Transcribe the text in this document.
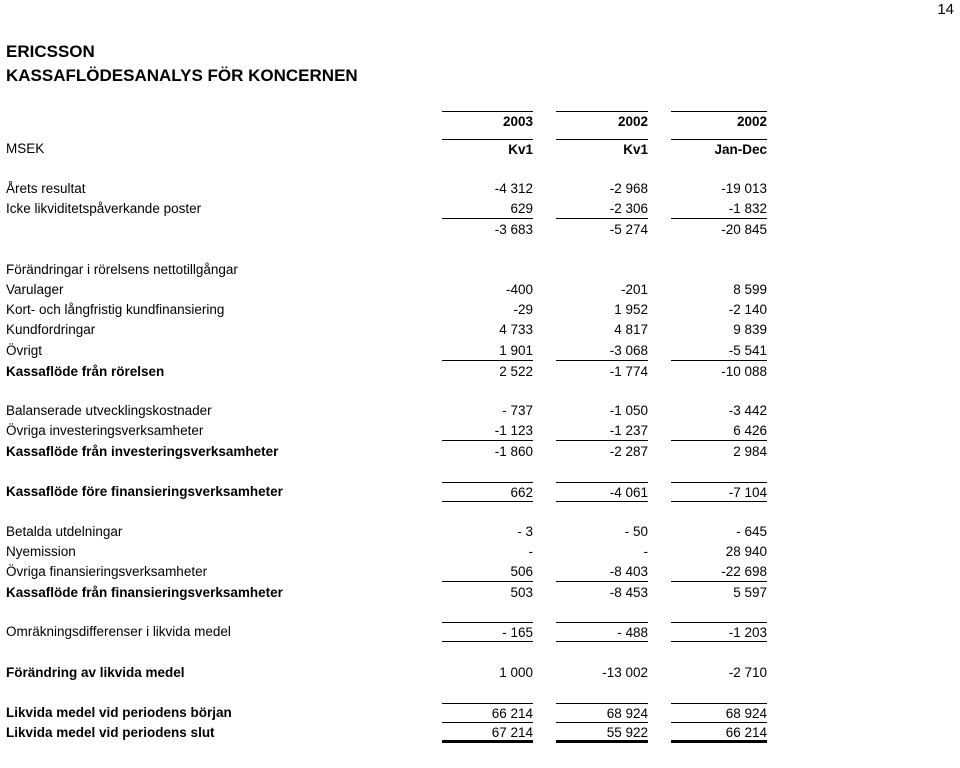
14
ERICSSON
KASSAFLÖDESANALYS FÖR KONCERNEN
2003	2002	2002
MSEK	Kv1	Kv1	Jan-Dec
Årets resultat	-4 312	-2 968	-19 013
Icke likviditetspåverkande poster	629	-2 306	-1 832
-3 683	-5 274	-20 845
Förändringar i rörelsens nettotillgångar
Varulager	-400	-201	8 599
Kort- och långfristig kundfinansiering	-29	1 952	-2 140
Kundfordringar	4 733	4 817	9 839
Övrigt	1 901	-3 068	-5 541
Kassaflöde från rörelsen	2 522	-1 774	-10 088
Balanserade utvecklingskostnader	- 737	-1 050	-3 442
Övriga investeringsverksamheter	-1 123	-1 237	6 426
Kassaflöde från investeringsverksamheter	-1 860	-2 287	2 984
Kassaflöde före finansieringsverksamheter	662	-4 061	-7 104
Betalda utdelningar	- 3	- 50	- 645
Nyemission	-	-	28 940
Övriga finansieringsverksamheter	506	-8 403	-22 698
Kassaflöde från finansieringsverksamheter	503	-8 453	5 597
Omräkningsdifferenser i likvida medel	- 165	- 488	-1 203
Förändring av likvida medel	1 000	-13 002	-2 710
Likvida medel vid periodens början	66 214	68 924	68 924
Likvida medel vid periodens slut	67 214	55 922	66 214
